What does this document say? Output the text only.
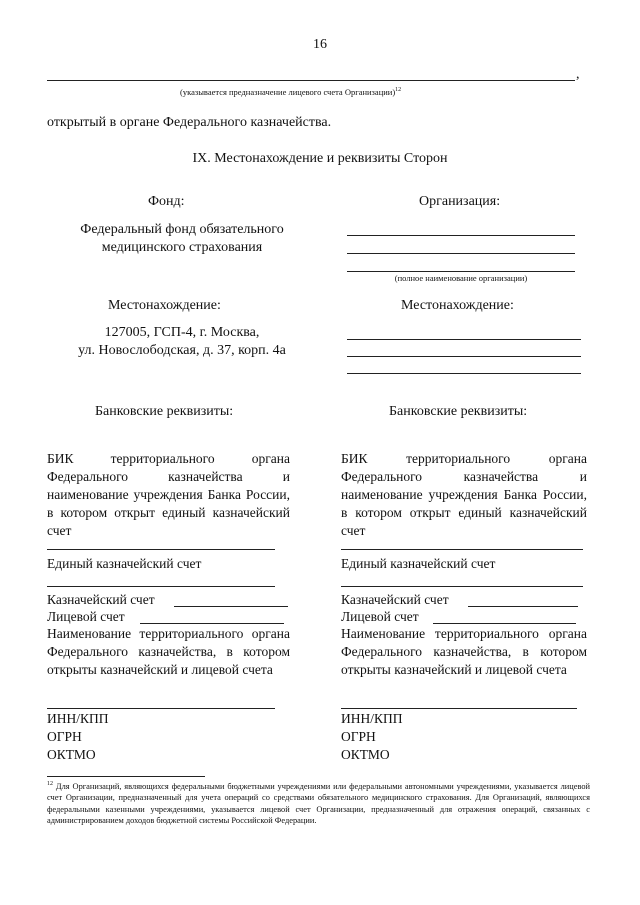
16
,
(указывается предназначение лицевого счета Организации)$^{12}$
открытый в органе Федерального казначейства.
IX. Местонахождение и реквизиты Сторон
Фонд:
Федеральный фонд обязательного
медицинского страхования
Местонахождение:
127005, ГСП-4, г. Москва,
ул. Новослободская, д. 37, корп. 4а
Банковские реквизиты:
БИК территориального органа Федерального казначейства и наименование учреждения Банка России, в котором открыт единый казначейский счет
Единый казначейский счет
Казначейский счет
Лицевой счет
Наименование территориального органа Федерального казначейства, в котором открыты казначейский и лицевой счета
ИНН/КПП
ОГРН
ОКТМО
Организация:
(полное наименование организации)
Местонахождение:
Банковские реквизиты:
БИК территориального органа Федерального казначейства и наименование учреждения Банка России, в котором открыт единый казначейский счет
Единый казначейский счет
Казначейский счет
Лицевой счет
Наименование территориального органа Федерального казначейства, в котором открыты казначейский и лицевой счета
ИНН/КПП
ОГРН
ОКТМО
$^{12}$ Для Организаций, являющихся федеральными бюджетными учреждениями или федеральными автономными учреждениями, указывается лицевой счет Организации, предназначенный для учета операций со средствами обязательного медицинского страхования. Для Организаций, являющихся федеральными казенными учреждениями, указывается лицевой счет Организации, предназначенный для отражения операций, связанных с администрированием доходов бюджетной системы Российской Федерации.
